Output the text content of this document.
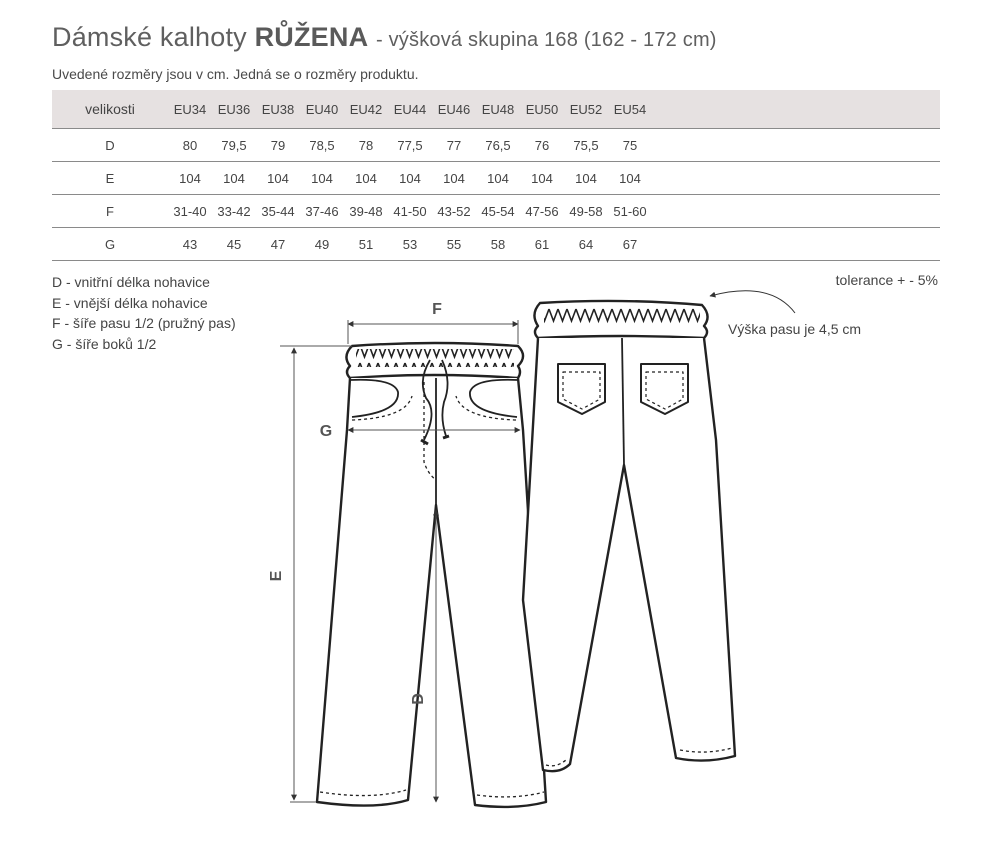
Dámské kalhoty RŮŽENA - výšková skupina 168 (162 - 172 cm)
Uvedené rozměry jsou v cm. Jedná se o rozměry produktu.
velikosti	EU34	EU36	EU38	EU40	EU42	EU44	EU46	EU48	EU50	EU52	EU54	
D	80	79,5	79	78,5	78	77,5	77	76,5	76	75,5	75	
E	104	104	104	104	104	104	104	104	104	104	104	
F	31-40	33-42	35-44	37-46	39-48	41-50	43-52	45-54	47-56	49-58	51-60	
G	43	45	47	49	51	53	55	58	61	64	67	
D - vnitřní délka nohavice
E - vnější délka nohavice
F - šíře pasu 1/2 (pružný pas)
G - šíře boků 1/2
tolerance + - 5%
Výška pasu je 4,5 cm
F
G
E
D
